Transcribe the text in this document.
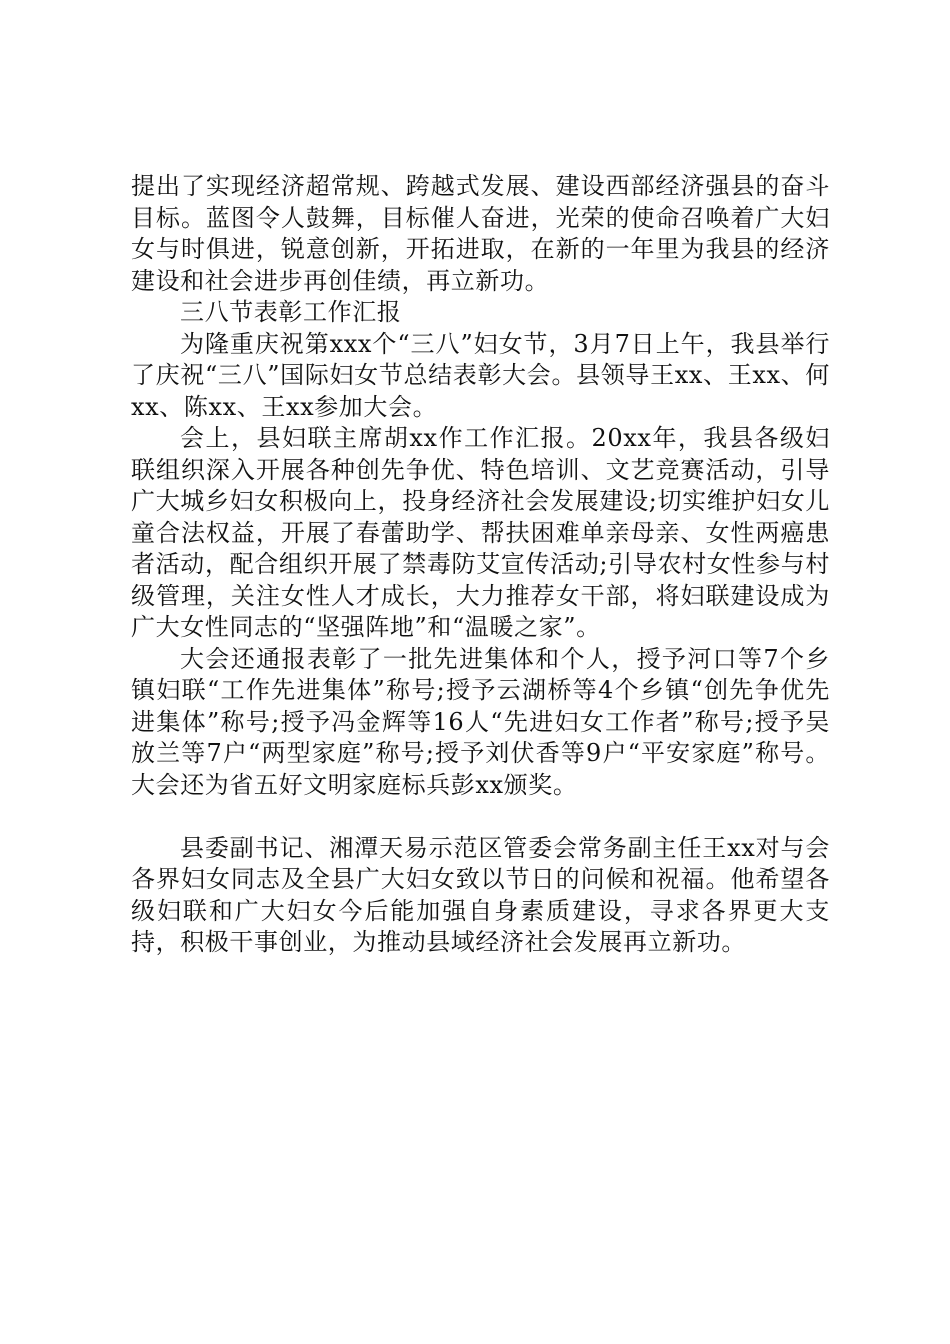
提出了实现经济超常规、跨越式发展、建设西部经济强县的奋斗目标。蓝图令人鼓舞，目标催人奋进，光荣的使命召唤着广大妇女与时俱进，锐意创新，开拓进取，在新的一年里为我县的经济建设和社会进步再创佳绩，再立新功。

三八节表彰工作汇报

为隆重庆祝第xxx个“三八”妇女节，3月7日上午，我县举行了庆祝“三八”国际妇女节总结表彰大会。县领导王xx、王xx、何xx、陈xx、王xx参加大会。

会上，县妇联主席胡xx作工作汇报。20xx年，我县各级妇联组织深入开展各种创先争优、特色培训、文艺竞赛活动，引导广大城乡妇女积极向上，投身经济社会发展建设;切实维护妇女儿童合法权益，开展了春蕾助学、帮扶困难单亲母亲、女性两癌患者活动，配合组织开展了禁毒防艾宣传活动;引导农村女性参与村级管理，关注女性人才成长，大力推荐女干部，将妇联建设成为广大女性同志的“坚强阵地”和“温暖之家”。

大会还通报表彰了一批先进集体和个人，授予河口等7个乡镇妇联“工作先进集体”称号;授予云湖桥等4个乡镇“创先争优先进集体”称号;授予冯金辉等16人“先进妇女工作者”称号;授予吴放兰等7户“两型家庭”称号;授予刘伏香等9户“平安家庭”称号。大会还为省五好文明家庭标兵彭xx颁奖。

县委副书记、湘潭天易示范区管委会常务副主任王xx对与会各界妇女同志及全县广大妇女致以节日的问候和祝福。他希望各级妇联和广大妇女今后能加强自身素质建设，寻求各界更大支持，积极干事创业，为推动县域经济社会发展再立新功。
